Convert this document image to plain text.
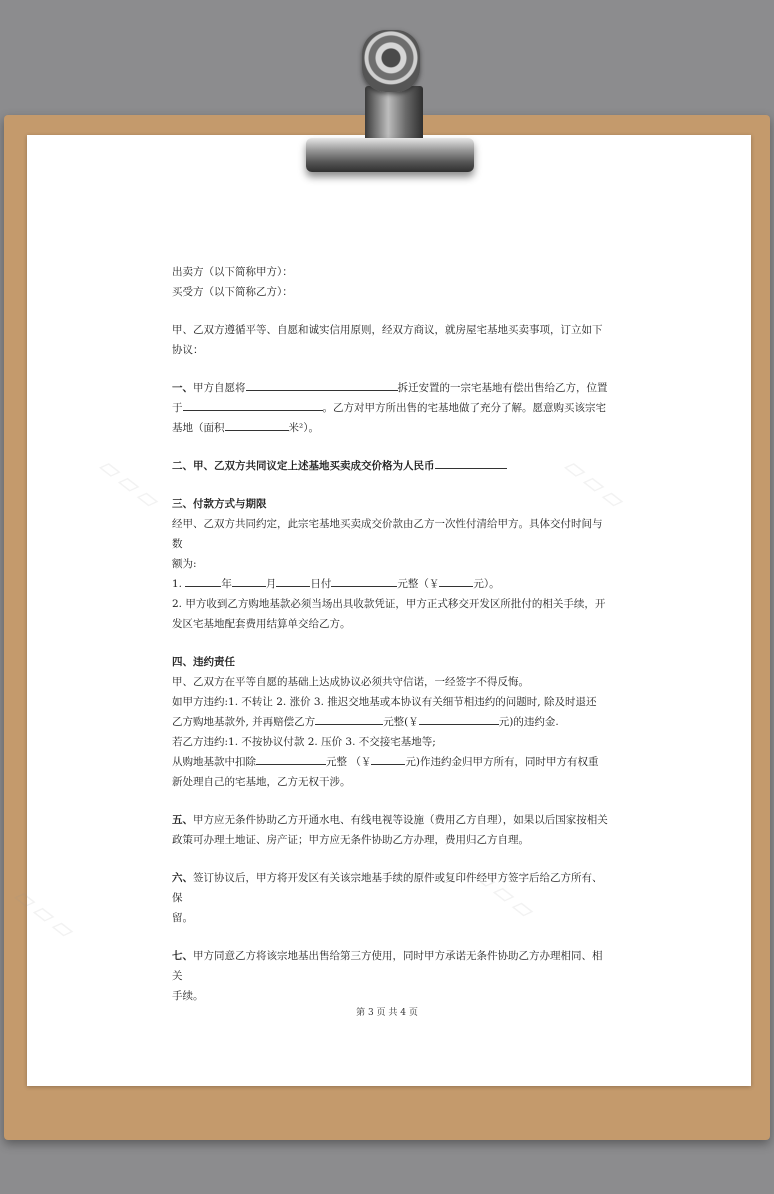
▱▱▱	▱▱▱
▱▱▱	▱▱▱

出卖方（以下简称甲方）：

买受方（以下简称乙方）：

甲、乙双方遵循平等、自愿和诚实信用原则，经双方商议，就房屋宅基地买卖事项，订立如下

协议：

一、甲方自愿将	拆迁安置的一宗宅基地有偿出售给乙方，位置

于	。乙方对甲方所出售的宅基地做了充分了解。愿意购买该宗宅

基地（面积	米²）。

二、甲、乙双方共同议定上述基地买卖成交价格为人民币

三、付款方式与期限

经甲、乙双方共同约定，此宗宅基地买卖成交价款由乙方一次性付清给甲方。具体交付时间与数

额为:

1.	年	月	日付	元整（￥	元）。

2. 甲方收到乙方购地基款必须当场出具收款凭证，甲方正式移交开发区所批付的相关手续，开

发区宅基地配套费用结算单交给乙方。

四、违约责任

甲、乙双方在平等自愿的基础上达成协议必须共守信诺，一经签字不得反悔。

如甲方违约:1. 不转让 2. 涨价 3. 推迟交地基或本协议有关细节相违约的问题时, 除及时退还

乙方购地基款外, 并再赔偿乙方	元整(￥	元)的违约金.

若乙方违约:1. 不按协议付款 2. 压价 3. 不交接宅基地等;

从购地基款中扣除	元整 （￥	元)作违约金归甲方所有，同时甲方有权重

新处理自己的宅基地，乙方无权干涉。

五、甲方应无条件协助乙方开通水电、有线电视等设施（费用乙方自理），如果以后国家按相关

政策可办理土地证、房产证；甲方应无条件协助乙方办理，费用归乙方自理。

六、签订协议后，甲方将开发区有关该宗地基手续的原件或复印件经甲方签字后给乙方所有、保

留。

七、甲方同意乙方将该宗地基出售给第三方使用，同时甲方承诺无条件协助乙方办理相同、相关

手续。

第 3 页 共 4 页
